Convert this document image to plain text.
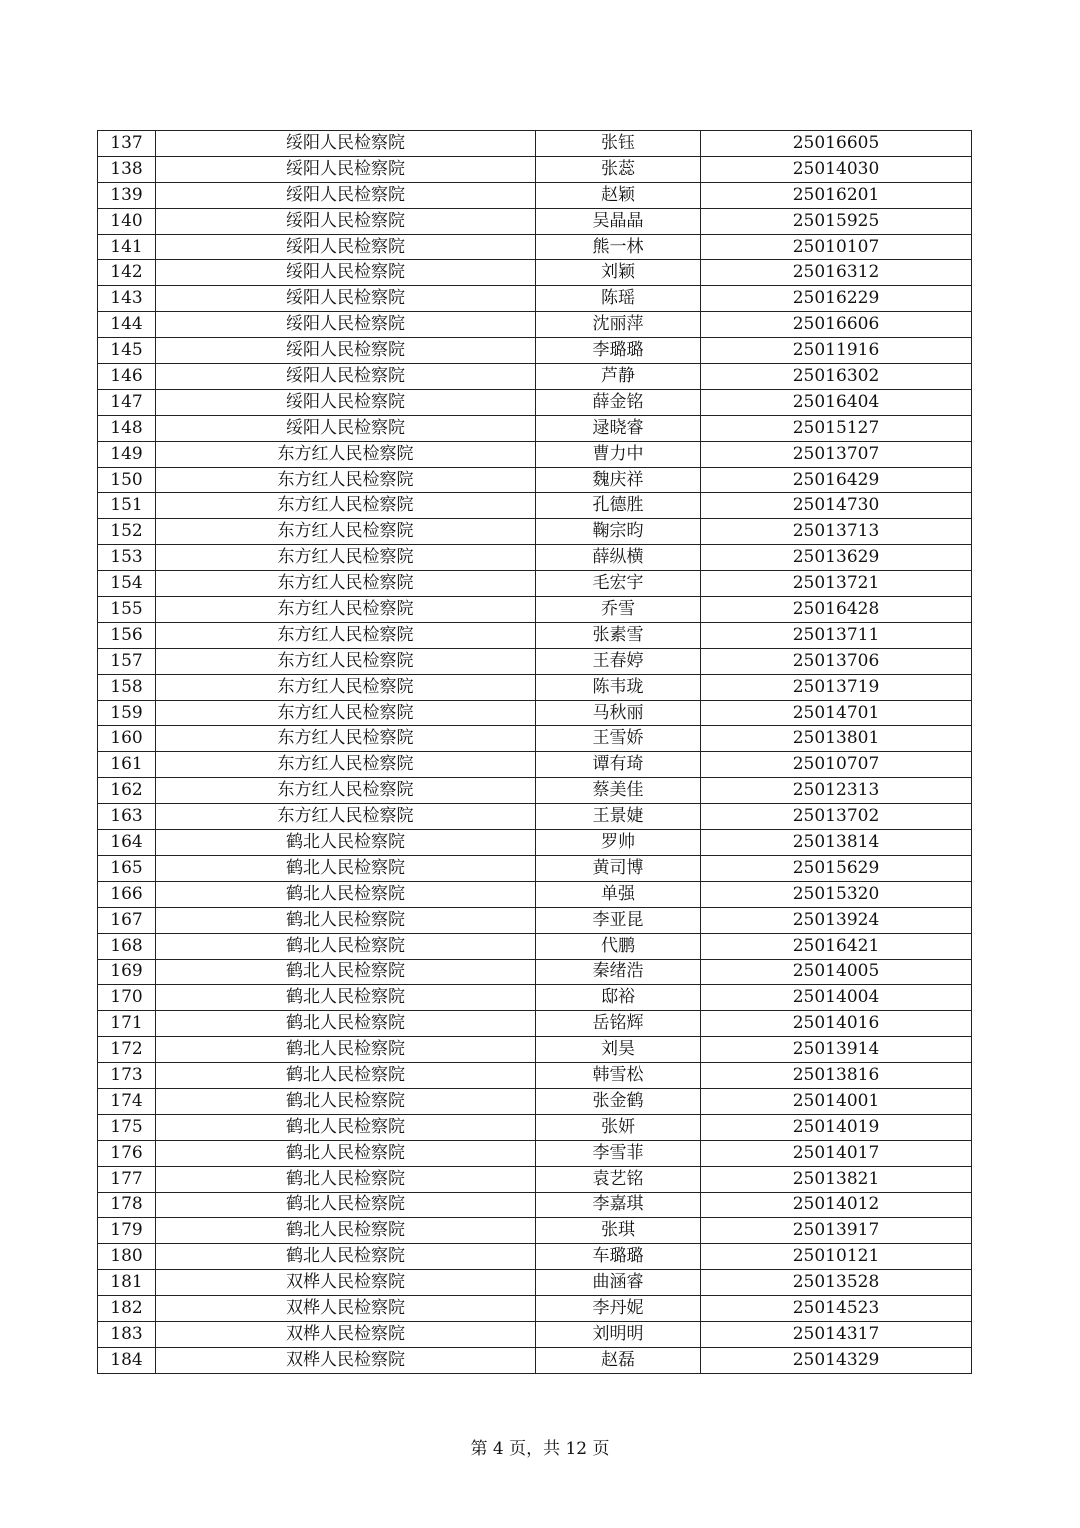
137	绥阳人民检察院	张钰	25016605
138	绥阳人民检察院	张蕊	25014030
139	绥阳人民检察院	赵颖	25016201
140	绥阳人民检察院	吴晶晶	25015925
141	绥阳人民检察院	熊一林	25010107
142	绥阳人民检察院	刘颖	25016312
143	绥阳人民检察院	陈瑶	25016229
144	绥阳人民检察院	沈丽萍	25016606
145	绥阳人民检察院	李璐璐	25011916
146	绥阳人民检察院	芦静	25016302
147	绥阳人民检察院	薛金铭	25016404
148	绥阳人民检察院	逯晓睿	25015127
149	东方红人民检察院	曹力中	25013707
150	东方红人民检察院	魏庆祥	25016429
151	东方红人民检察院	孔德胜	25014730
152	东方红人民检察院	鞠宗昀	25013713
153	东方红人民检察院	薛纵横	25013629
154	东方红人民检察院	毛宏宇	25013721
155	东方红人民检察院	乔雪	25016428
156	东方红人民检察院	张素雪	25013711
157	东方红人民检察院	王春婷	25013706
158	东方红人民检察院	陈韦珑	25013719
159	东方红人民检察院	马秋丽	25014701
160	东方红人民检察院	王雪娇	25013801
161	东方红人民检察院	谭有琦	25010707
162	东方红人民检察院	蔡美佳	25012313
163	东方红人民检察院	王景婕	25013702
164	鹤北人民检察院	罗帅	25013814
165	鹤北人民检察院	黄司博	25015629
166	鹤北人民检察院	单强	25015320
167	鹤北人民检察院	李亚昆	25013924
168	鹤北人民检察院	代鹏	25016421
169	鹤北人民检察院	秦绪浩	25014005
170	鹤北人民检察院	邸裕	25014004
171	鹤北人民检察院	岳铭辉	25014016
172	鹤北人民检察院	刘昊	25013914
173	鹤北人民检察院	韩雪松	25013816
174	鹤北人民检察院	张金鹤	25014001
175	鹤北人民检察院	张妍	25014019
176	鹤北人民检察院	李雪菲	25014017
177	鹤北人民检察院	袁艺铭	25013821
178	鹤北人民检察院	李嘉琪	25014012
179	鹤北人民检察院	张琪	25013917
180	鹤北人民检察院	车璐璐	25010121
181	双桦人民检察院	曲涵睿	25013528
182	双桦人民检察院	李丹妮	25014523
183	双桦人民检察院	刘明明	25014317
184	双桦人民检察院	赵磊	25014329
第 4 页，共 12 页
